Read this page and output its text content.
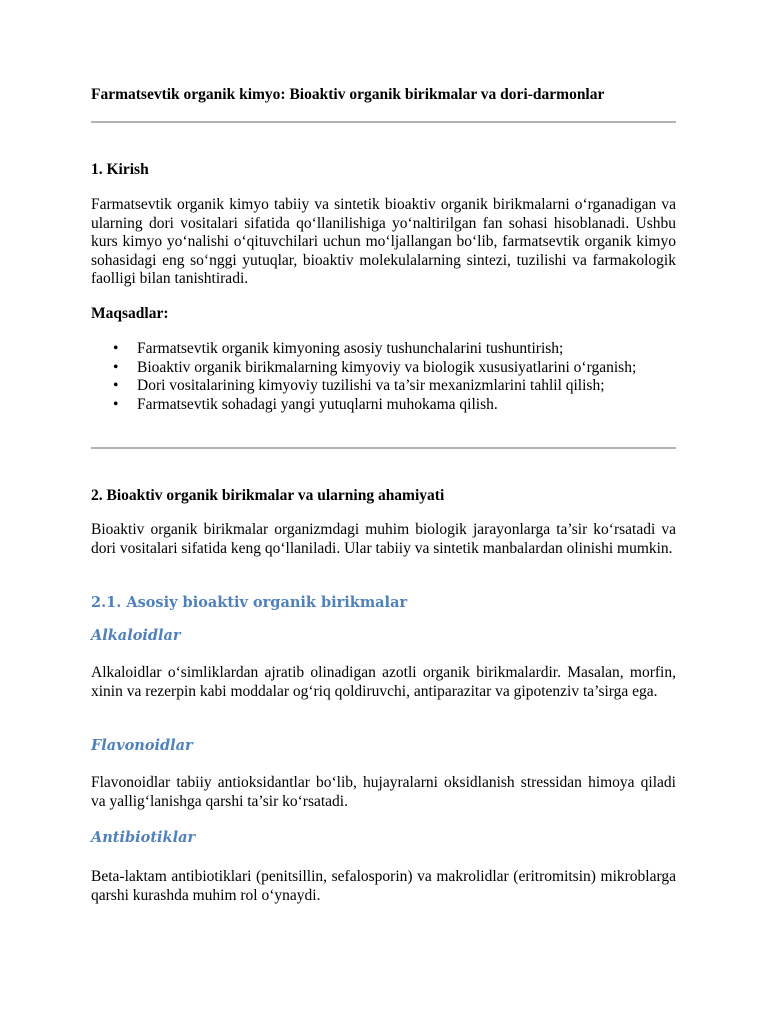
Farmatsevtik organik kimyo: Bioaktiv organik birikmalar va dori-darmonlar
1. Kirish

Farmatsevtik organik kimyo tabiiy va sintetik bioaktiv organik birikmalarni o‘rganadigan va ularning dori vositalari sifatida qo‘llanilishiga yo‘naltirilgan fan sohasi hisoblanadi. Ushbu kurs kimyo yo‘nalishi o‘qituvchilari uchun mo‘ljallangan bo‘lib, farmatsevtik organik kimyo sohasidagi eng so‘nggi yutuqlar, bioaktiv molekulalarning sintezi, tuzilishi va farmakologik faolligi bilan tanishtiradi.

Maqsadlar:
• Farmatsevtik organik kimyoning asosiy tushunchalarini tushuntirish;
• Bioaktiv organik birikmalarning kimyoviy va biologik xususiyatlarini o‘rganish;
• Dori vositalarining kimyoviy tuzilishi va ta’sir mexanizmlarini tahlil qilish;
• Farmatsevtik sohadagi yangi yutuqlarni muhokama qilish.
2. Bioaktiv organik birikmalar va ularning ahamiyati

Bioaktiv organik birikmalar organizmdagi muhim biologik jarayonlarga ta’sir ko‘rsatadi va dori vositalari sifatida keng qo‘llaniladi. Ular tabiiy va sintetik manbalardan olinishi mumkin.

2.1. Asosiy bioaktiv organik birikmalar
Alkaloidlar

Alkaloidlar o‘simliklardan ajratib olinadigan azotli organik birikmalardir. Masalan, morfin, xinin va rezerpin kabi moddalar og‘riq qoldiruvchi, antiparazitar va gipotenziv ta’sirga ega.

Flavonoidlar

Flavonoidlar tabiiy antioksidantlar bo‘lib, hujayralarni oksidlanish stressidan himoya qiladi va yallig‘lanishga qarshi ta’sir ko‘rsatadi.

Antibiotiklar

Beta-laktam antibiotiklari (penitsillin, sefalosporin) va makrolidlar (eritromitsin) mikroblarga qarshi kurashda muhim rol o‘ynaydi.
